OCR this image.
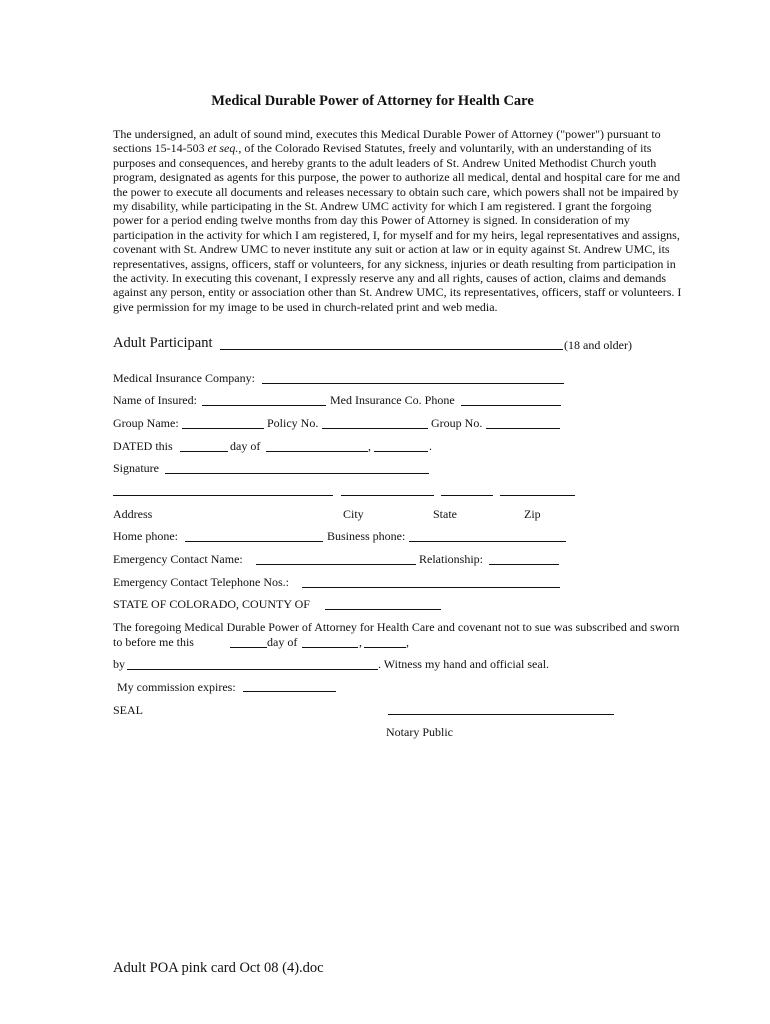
Medical Durable Power of Attorney for Health Care
The undersigned, an adult of sound mind, executes this Medical Durable Power of Attorney ("power") pursuant to
sections 15-14-503 et seq., of the Colorado Revised Statutes, freely and voluntarily, with an understanding of its
purposes and consequences, and hereby grants to the adult leaders of St. Andrew United Methodist Church youth
program, designated as agents for this purpose, the power to authorize all medical, dental and hospital care for me and
the power to execute all documents and releases necessary to obtain such care, which powers shall not be impaired by
my disability, while participating in the St. Andrew UMC activity for which I am registered. I grant the forgoing
power for a period ending twelve months from day this Power of Attorney is signed. In consideration of my
participation in the activity for which I am registered, I, for myself and for my heirs, legal representatives and assigns,
covenant with St. Andrew UMC to never institute any suit or action at law or in equity against St. Andrew UMC, its
representatives, assigns, officers, staff or volunteers, for any sickness, injuries or death resulting from participation in
the activity. In executing this covenant, I expressly reserve any and all rights, causes of action, claims and demands
against any person, entity or association other than St. Andrew UMC, its representatives, officers, staff or volunteers. I
give permission for my image to be used in church-related print and web media.
Adult Participant	(18 and older)
Medical Insurance Company:
Name of Insured:	Med Insurance Co. Phone
Group Name:	Policy No.	Group No.
DATED this	day of	,	.
Signature
Address	City	State	Zip
Home phone:	Business phone:
Emergency Contact Name:	Relationship:
Emergency Contact Telephone Nos.:
STATE OF COLORADO, COUNTY OF
The foregoing Medical Durable Power of Attorney for Health Care and covenant not to sue was subscribed and sworn
to before me this	day of	,	,
by	. Witness my hand and official seal.
My commission expires:
SEAL
Notary Public
Adult POA pink card Oct 08 (4).doc
